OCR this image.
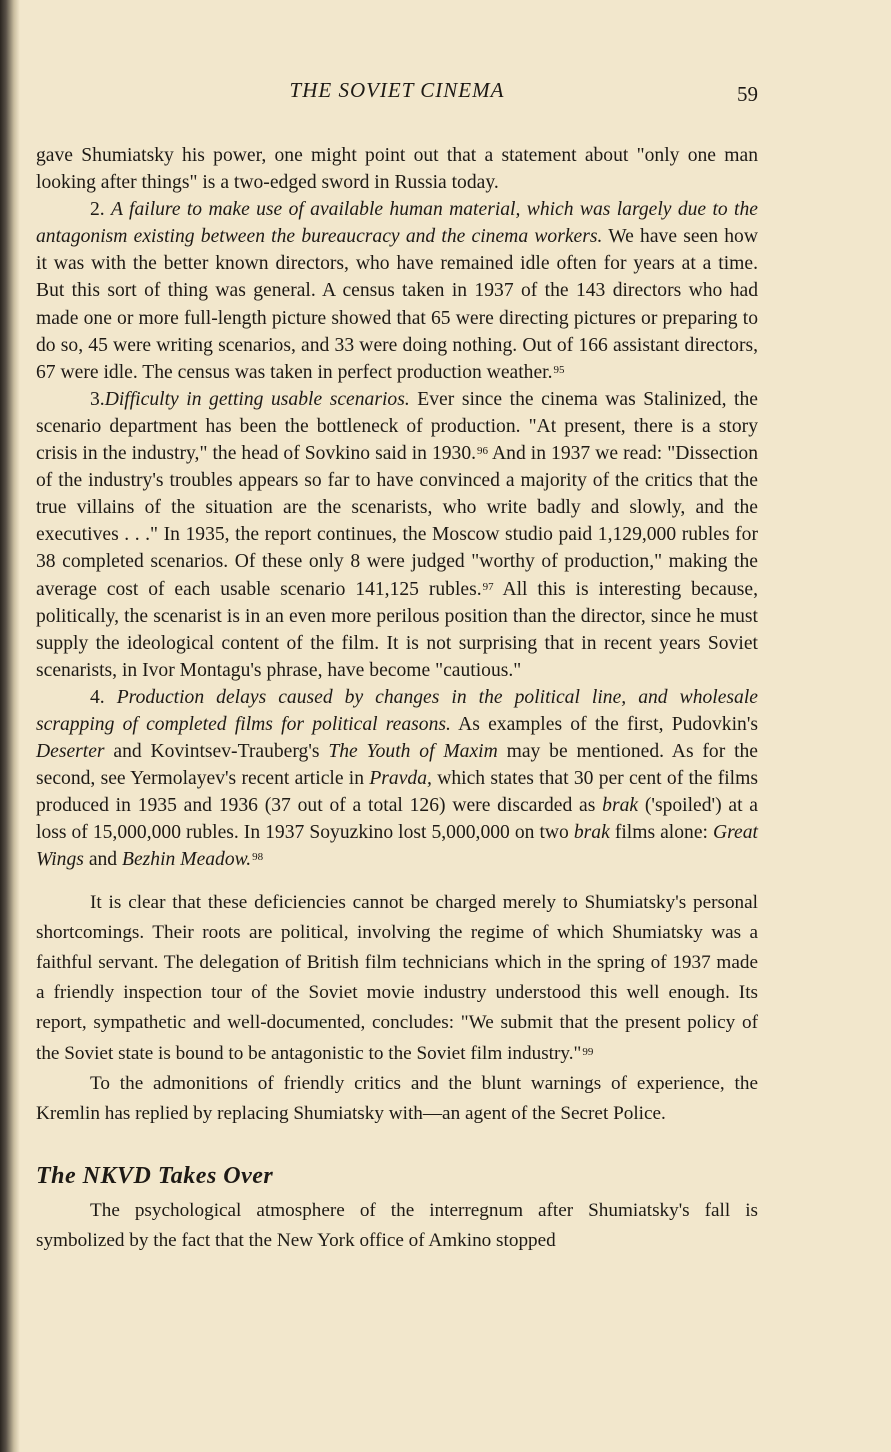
THE SOVIET CINEMA	59

gave Shumiatsky his power, one might point out that a statement about "only one man looking after things" is a two-edged sword in Russia today.

2. A failure to make use of available human material, which was largely due to the antagonism existing between the bureaucracy and the cinema workers. We have seen how it was with the better known directors, who have remained idle often for years at a time. But this sort of thing was general. A census taken in 1937 of the 143 directors who had made one or more full-length picture showed that 65 were directing pictures or preparing to do so, 45 were writing scenarios, and 33 were doing nothing. Out of 166 assistant directors, 67 were idle. The census was taken in perfect production weather.$^{95}$

3.Difficulty in getting usable scenarios. Ever since the cinema was Stalinized, the scenario department has been the bottleneck of production. "At present, there is a story crisis in the industry," the head of Sovkino said in 1930.96 And in 1937 we read: "Dissection of the industry's troubles appears so far to have convinced a majority of the critics that the true villains of the situation are the scenarists, who write badly and slowly, and the executives . . ." In 1935, the report continues, the Moscow studio paid 1,129,000 rubles for 38 completed scenarios. Of these only 8 were judged "worthy of production," making the average cost of each usable scenario 141,125 rubles.$^{97}$ All this is interesting because, politically, the scenarist is in an even more perilous position than the director, since he must supply the ideological content of the film. It is not surprising that in recent years Soviet scenarists, in Ivor Montagu's phrase, have become "cautious."

4. Production delays caused by changes in the political line, and wholesale scrapping of completed films for political reasons. As examples of the first, Pudovkin's Deserter and Kovintsev-Trauberg's The Youth of Maxim may be mentioned. As for the second, see Yermolayev's recent article in Pravda, which states that 30 per cent of the films produced in 1935 and 1936 (37 out of a total 126) were discarded as brak ('spoiled') at a loss of 15,000,000 rubles. In 1937 Soyuzkino lost 5,000,000 on two brak films alone: Great Wings and Bezhin Meadow.$^{98}$

It is clear that these deficiencies cannot be charged merely to Shumiatsky's personal shortcomings. Their roots are political, involving the regime of which Shumiatsky was a faithful servant. The delegation of British film technicians which in the spring of 1937 made a friendly inspection tour of the Soviet movie industry understood this well enough. Its report, sympathetic and well-documented, concludes: "We submit that the present policy of the Soviet state is bound to be antagonistic to the Soviet film industry."$^{99}$

To the admonitions of friendly critics and the blunt warnings of experience, the Kremlin has replied by replacing Shumiatsky with—an agent of the Secret Police.

The NKVD Takes Over

The psychological atmosphere of the interregnum after Shumiatsky's fall is symbolized by the fact that the New York office of Amkino stopped
